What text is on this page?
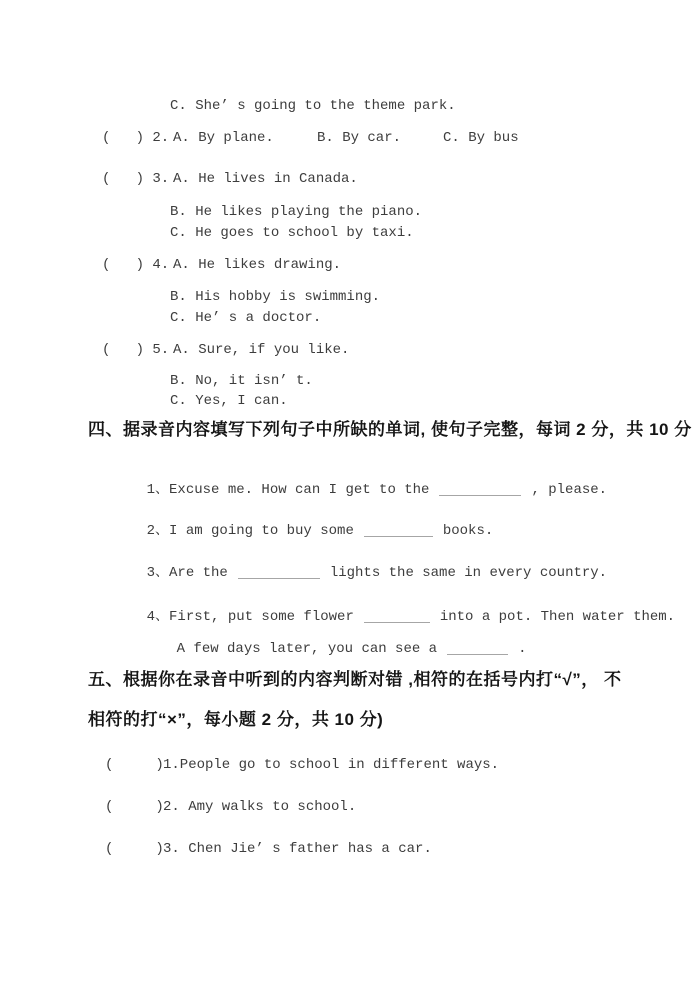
C. She’ s going to the theme park.
(   ) 2. A. By plane.	B. By car.	C. By bus
(   ) 3. A. He lives in Canada.
B. He likes playing the piano.
C. He goes to school by taxi.
(   ) 4. A. He likes drawing.
B. His hobby is swimming.
C. He’ s a doctor.
(   ) 5. A. Sure, if you like.
B. No, it isn’ t.
C. Yes, I can.
四、据录音内容填写下列句子中所缺的单词, 使句子完整，每词 2 分，共 10 分

1、Excuse me. How can I get to the	, please.

2、I am going to buy some	books.

3、Are the	lights the same in every country.

4、First, put some flower	into a pot. Then water them.

A few days later, you can see a	.

五、根据你在录音中听到的内容判断对错 ,相符的在括号内打“√”， 不
相符的打“×”，每小题 2 分，共 10 分)
(     ) 1.People go to school in different ways.
(     ) 2. Amy walks to school.
(     ) 3. Chen Jie’ s father has a car.
